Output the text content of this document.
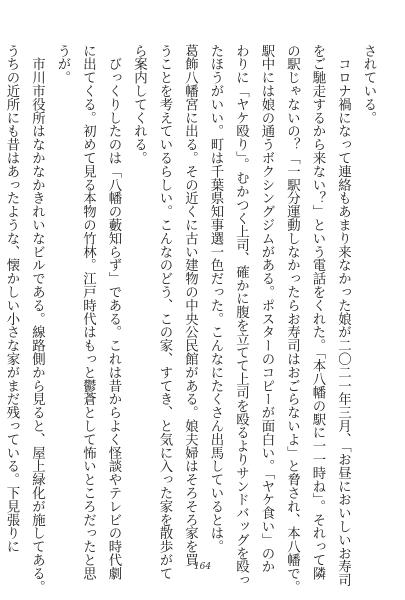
されている。
　コロナ禍になって連絡もあまり来なかった娘が二〇二一年三月、「お昼においしいお寿司
をご馳走するから来ない？」という電話をくれた。「本八幡の駅に一一時ね」。それって隣
の駅じゃないの？「一駅分運動しなかったらお寿司はおごらないよ」と脅され、本八幡で。
駅中には娘の通うボクシングジムがある。ポスターのコピーが面白い。「ヤケ食い」のか
わりに「ヤケ殴り」。むかつく上司、確かに腹を立てて上司を殴るよりサンドバッグを殴っ
たほうがいい。町は千葉県知事選一色だった。こんなにたくさん出馬しているとは。
葛飾八幡宮に出る。その近くに古い建物の中央公民館がある。娘夫婦はそろそろ家を買
うことを考えているらしい。こんなのどう、この家、すてき、と気に入った家を散歩がて
ら案内してくれる。
　びっくりしたのは「八幡の藪知らず」である。これは昔からよく怪談やテレビの時代劇
に出てくる。初めて見る本物の竹林。江戸時代はもっと鬱蒼として怖いところだったと思
うが。
　市川市役所はなかなかきれいなビルである。線路側から見ると、屋上緑化が施してある。
うちの近所にも昔はあったような、懐かしい小さな家がまだ残っている。下見張りに
164
